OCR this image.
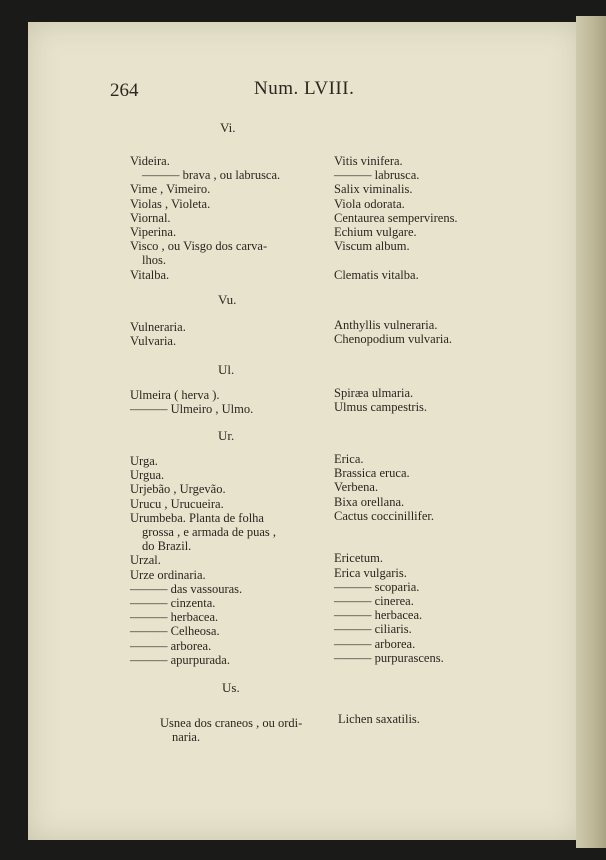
264	Num. LVIII.
Vi.
Videira.
——— brava , ou labrusca.
Vime , Vimeiro.
Violas , Violeta.
Viornal.
Viperina.
Visco , ou Visgo dos carva-
lhos.
Vitalba.
Vitis vinifera.
——— labrusca.
Salix viminalis.
Viola odorata.
Centaurea sempervirens.
Echium vulgare.
Viscum album.

Clematis vitalba.
Vu.
Vulneraria.
Vulvaria.
Anthyllis vulneraria.
Chenopodium vulvaria.
Ul.
Ulmeira ( herva ).
——— Ulmeiro , Ulmo.
Spiræa ulmaria.
Ulmus campestris.
Ur.
Urga.
Urgua.
Urjebão , Urgevão.
Urucu , Urucueira.
Urumbeba. Planta de folha
grossa , e armada de puas ,
do Brazil.
Urzal.
Urze ordinaria.
——— das vassouras.
——— cinzenta.
——— herbacea.
——— Celheosa.
——— arborea.
——— apurpurada.
Erica.
Brassica eruca.
Verbena.
Bixa orellana.
Cactus coccinillifer.

Ericetum.
Erica vulgaris.
——— scoparia.
——— cinerea.
——— herbacea.
——— ciliaris.
——— arborea.
——— purpurascens.
Us.
Usnea dos craneos , ou ordi-
naria.
Lichen saxatilis.
